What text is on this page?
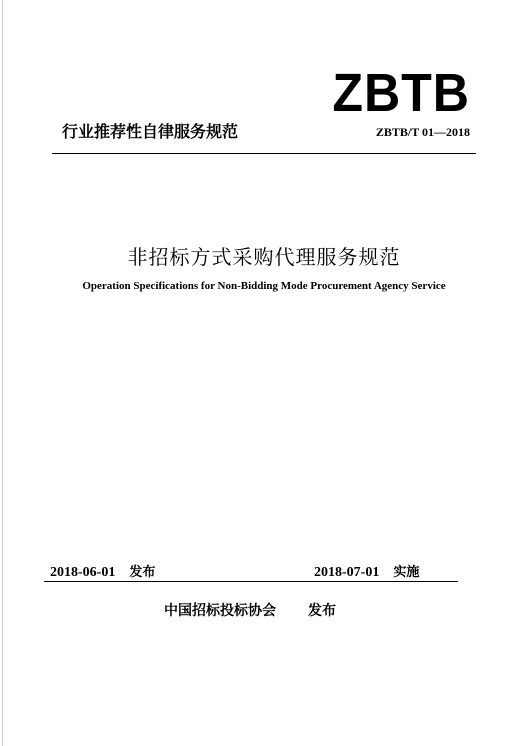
ZBTB
行业推荐性自律服务规范	ZBTB/T 01—2018
非招标方式采购代理服务规范
Operation Specifications for Non-Bidding Mode Procurement Agency Service
2018-06-01 发布	2018-07-01 实施
中国招标投标协会 发布
